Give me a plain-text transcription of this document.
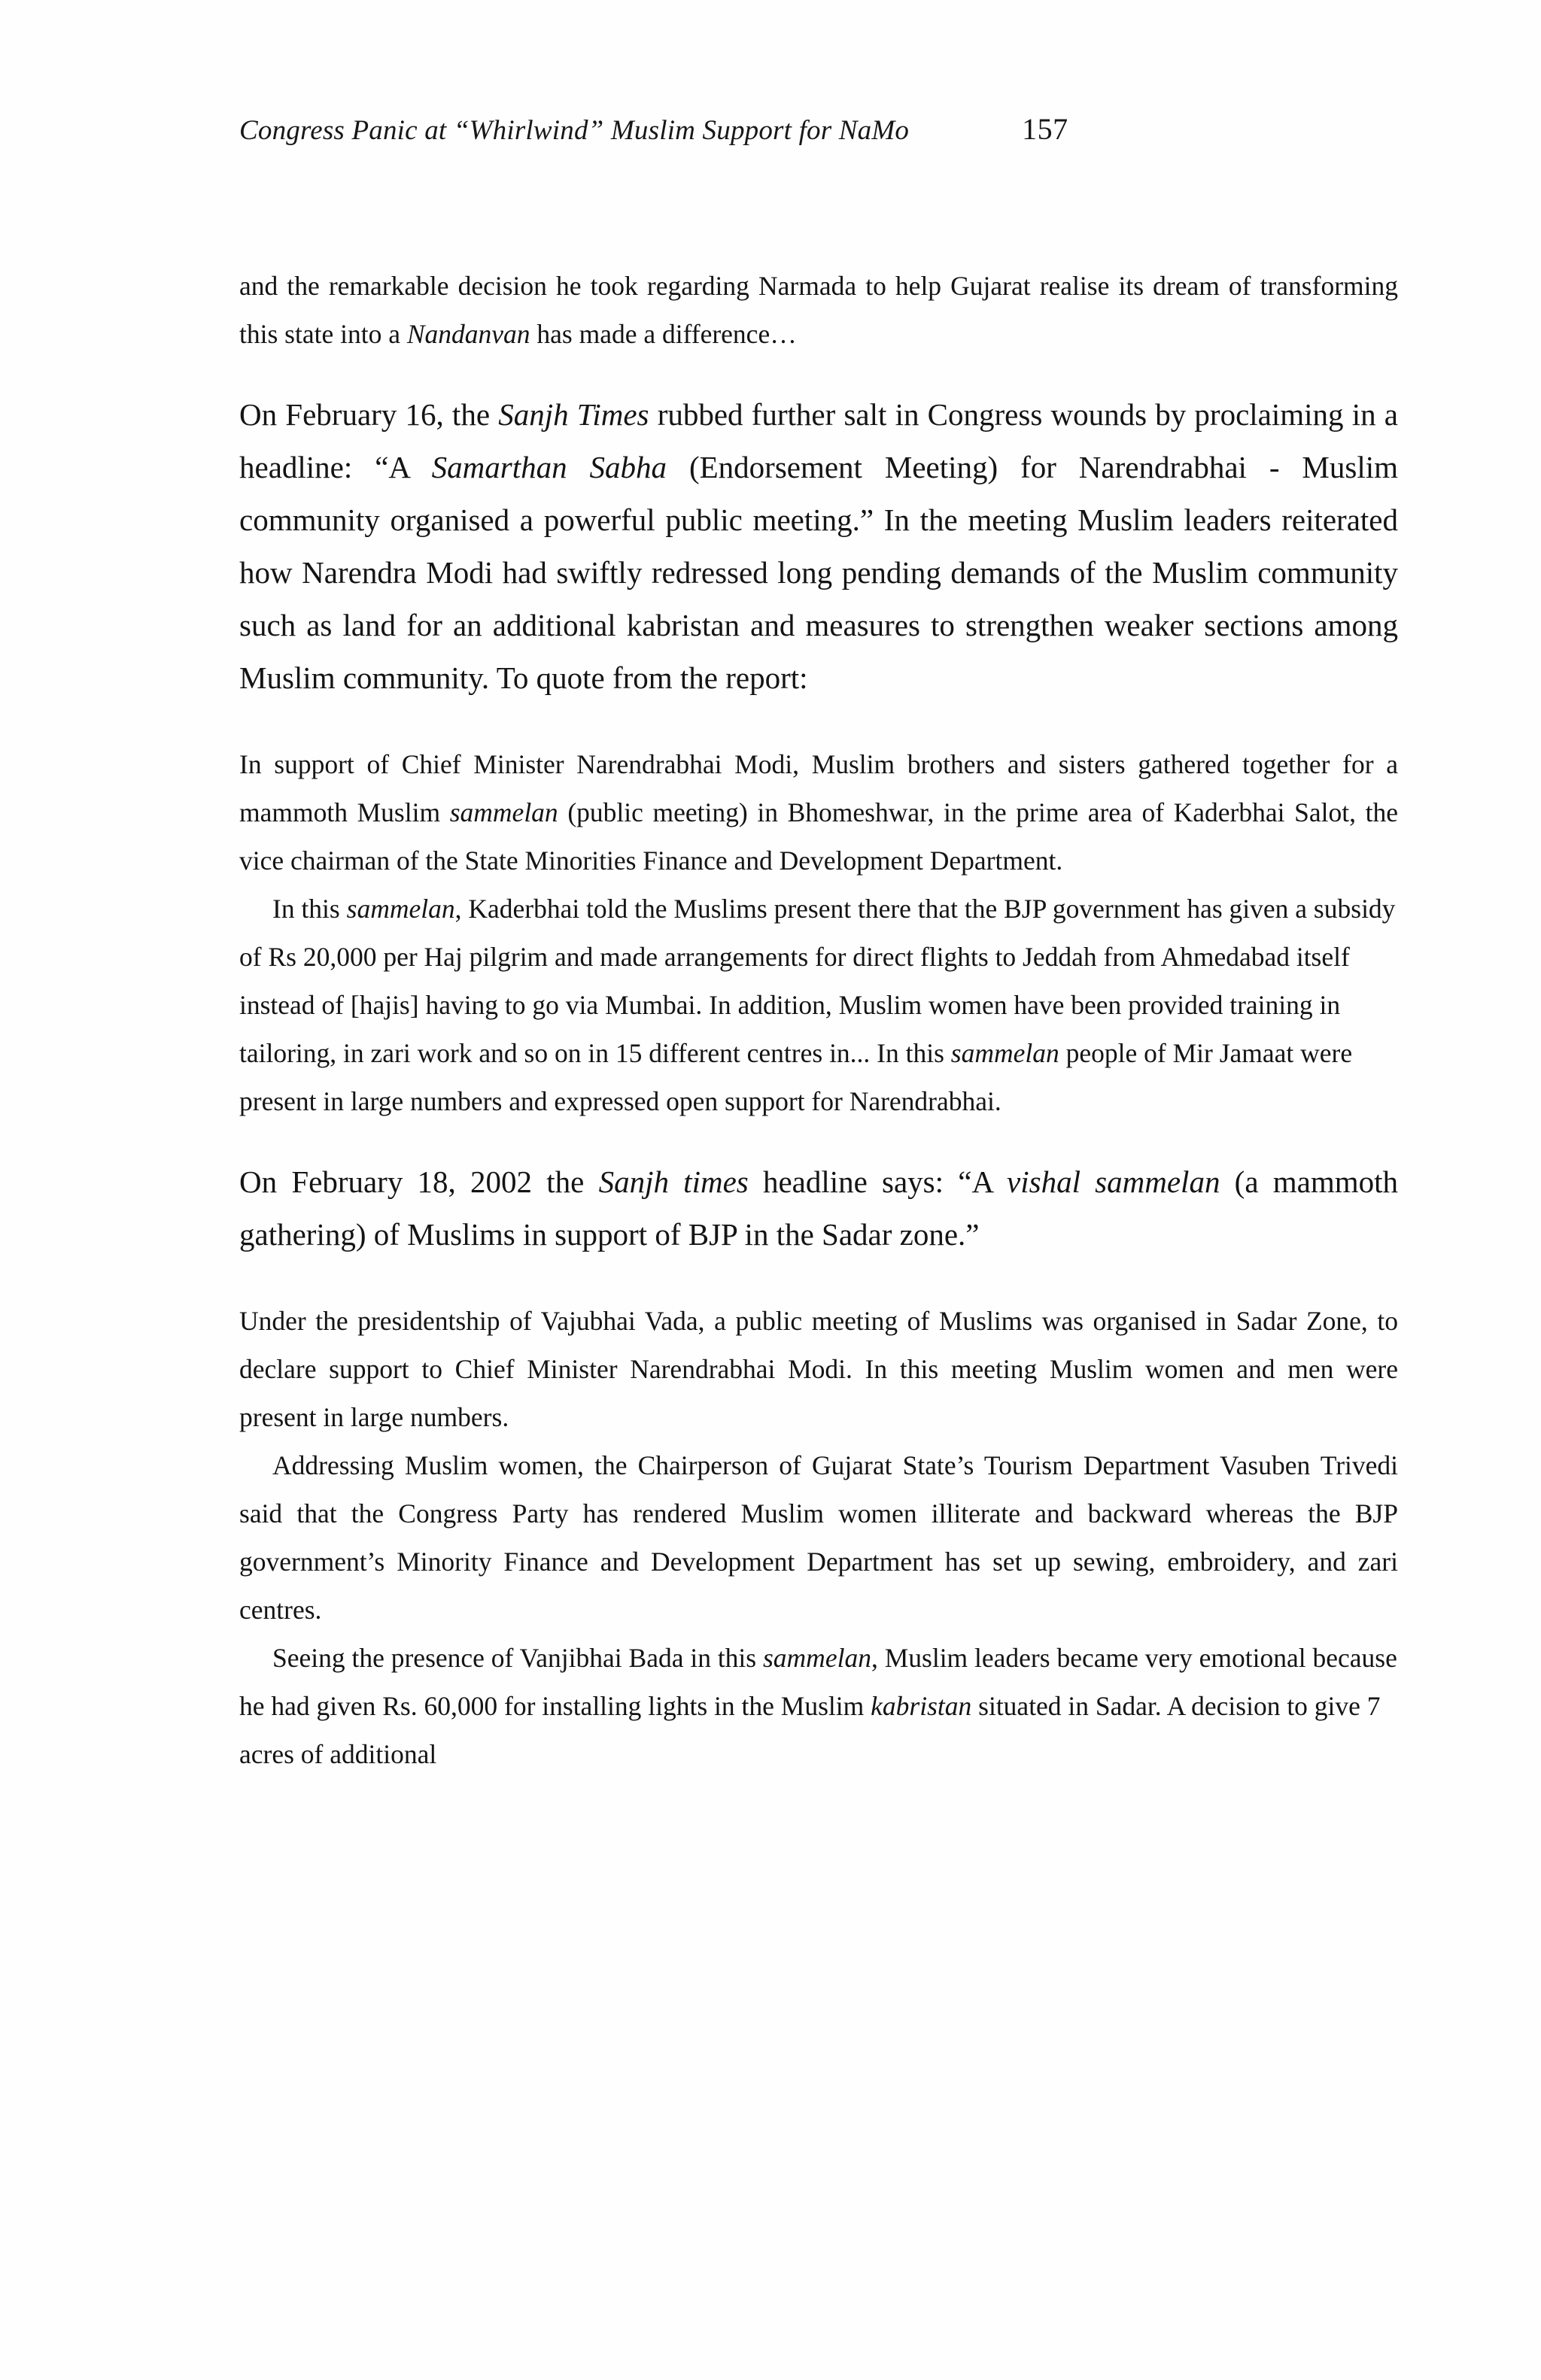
Congress Panic at “Whirlwind” Muslim Support for NaMo	157

and the remarkable decision he took regarding Narmada to help Gujarat realise its dream of transforming this state into a Nandanvan has made a difference…

On February 16, the Sanjh Times rubbed further salt in Congress wounds by proclaiming in a headline: “A Samarthan Sabha (Endorsement Meeting) for Narendrabhai - Muslim community organised a powerful public meeting.” In the meeting Muslim leaders reiterated how Narendra Modi had swiftly redressed long pending demands of the Muslim community such as land for an additional kabristan and measures to strengthen weaker sections among Muslim community. To quote from the report:

In support of Chief Minister Narendrabhai Modi, Muslim brothers and sisters gathered together for a mammoth Muslim sammelan (public meeting) in Bhomeshwar, in the prime area of Kaderbhai Salot, the vice chairman of the State Minorities Finance and Development Department.

In this sammelan, Kaderbhai told the Muslims present there that the BJP government has given a subsidy of Rs 20,000 per Haj pilgrim and made arrangements for direct flights to Jeddah from Ahmedabad itself instead of [hajis] having to go via Mumbai. In addition, Muslim women have been provided training in tailoring, in zari work and so on in 15 different centres in... In this sammelan people of Mir Jamaat were present in large numbers and expressed open support for Narendrabhai.

On February 18, 2002 the Sanjh times headline says: “A vishal sammelan (a mammoth gathering) of Muslims in support of BJP in the Sadar zone.”

Under the presidentship of Vajubhai Vada, a public meeting of Muslims was organised in Sadar Zone, to declare support to Chief Minister Narendrabhai Modi. In this meeting Muslim women and men were present in large numbers.

Addressing Muslim women, the Chairperson of Gujarat State’s Tourism Department Vasuben Trivedi said that the Congress Party has rendered Muslim women illiterate and backward whereas the BJP government’s Minority Finance and Development Department has set up sewing, embroidery, and zari centres.

Seeing the presence of Vanjibhai Bada in this sammelan, Muslim leaders became very emotional because he had given Rs. 60,000 for installing lights in the Muslim kabristan situated in Sadar. A decision to give 7 acres of additional
